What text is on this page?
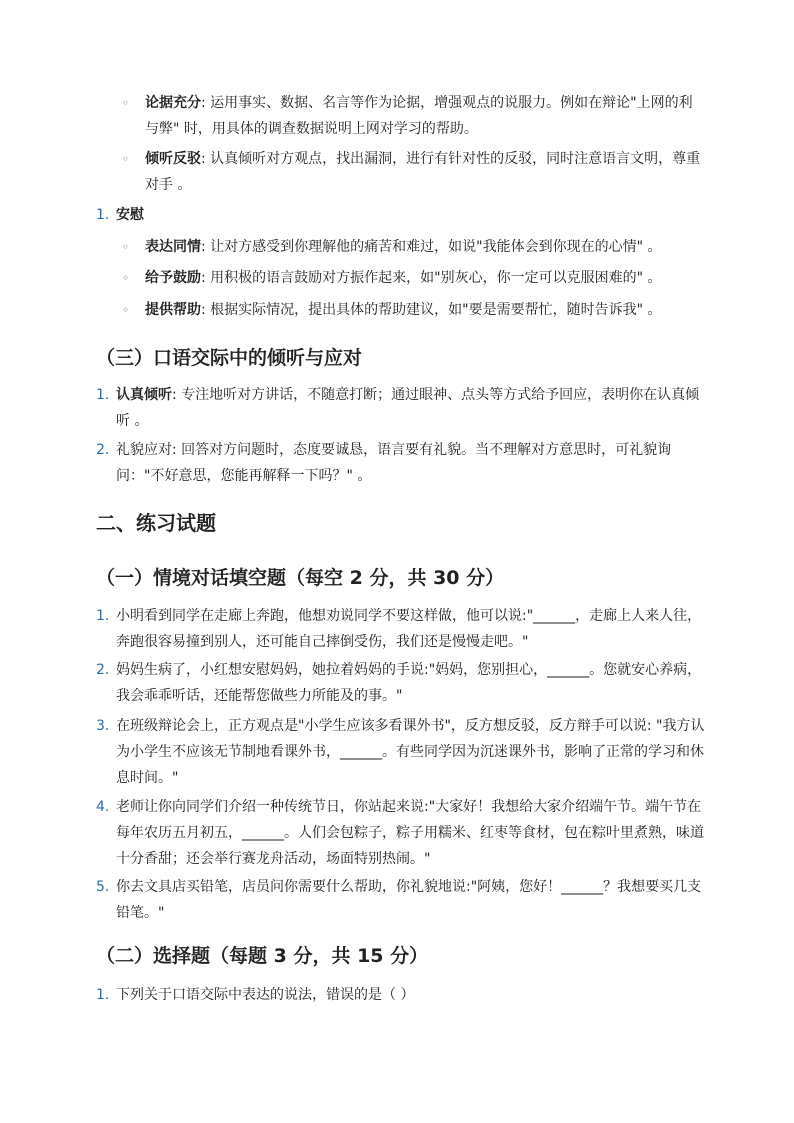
◦ 论据充分: 运用事实、数据、名言等作为论据，增强观点的说服力。例如在辩论"上网的利与弊" 时，用具体的调查数据说明上网对学习的帮助。
◦ 倾听反驳: 认真倾听对方观点，找出漏洞，进行有针对性的反驳，同时注意语言文明，尊重对手 。
1. 安慰
◦ 表达同情: 让对方感受到你理解他的痛苦和难过，如说"我能体会到你现在的心情" 。
◦ 给予鼓励: 用积极的语言鼓励对方振作起来，如"别灰心，你一定可以克服困难的" 。
◦ 提供帮助: 根据实际情况，提出具体的帮助建议，如"要是需要帮忙，随时告诉我" 。
（三）口语交际中的倾听与应对
1. 认真倾听: 专注地听对方讲话，不随意打断；通过眼神、点头等方式给予回应，表明你在认真倾听 。
2. 礼貌应对: 回答对方问题时，态度要诚恳，语言要有礼貌。当不理解对方意思时，可礼貌询问："不好意思，您能再解释一下吗？" 。
二、练习试题
（一）情境对话填空题（每空 2 分，共 30 分）
1. 小明看到同学在走廊上奔跑，他想劝说同学不要这样做，他可以说:"______，走廊上人来人往，奔跑很容易撞到别人，还可能自己摔倒受伤，我们还是慢慢走吧。"
2. 妈妈生病了，小红想安慰妈妈，她拉着妈妈的手说:"妈妈，您别担心，______。您就安心养病，我会乖乖听话，还能帮您做些力所能及的事。"
3. 在班级辩论会上，正方观点是"小学生应该多看课外书"，反方想反驳，反方辩手可以说: "我方认为小学生不应该无节制地看课外书，______。有些同学因为沉迷课外书，影响了正常的学习和休息时间。"
4. 老师让你向同学们介绍一种传统节日，你站起来说:"大家好！我想给大家介绍端午节。端午节在每年农历五月初五，______。人们会包粽子，粽子用糯米、红枣等食材，包在粽叶里煮熟，味道十分香甜；还会举行赛龙舟活动，场面特别热闹。"
5. 你去文具店买铅笔，店员问你需要什么帮助，你礼貌地说:"阿姨，您好！______？我想要买几支铅笔。"
（二）选择题（每题 3 分，共 15 分）
1. 下列关于口语交际中表达的说法，错误的是（ ）
